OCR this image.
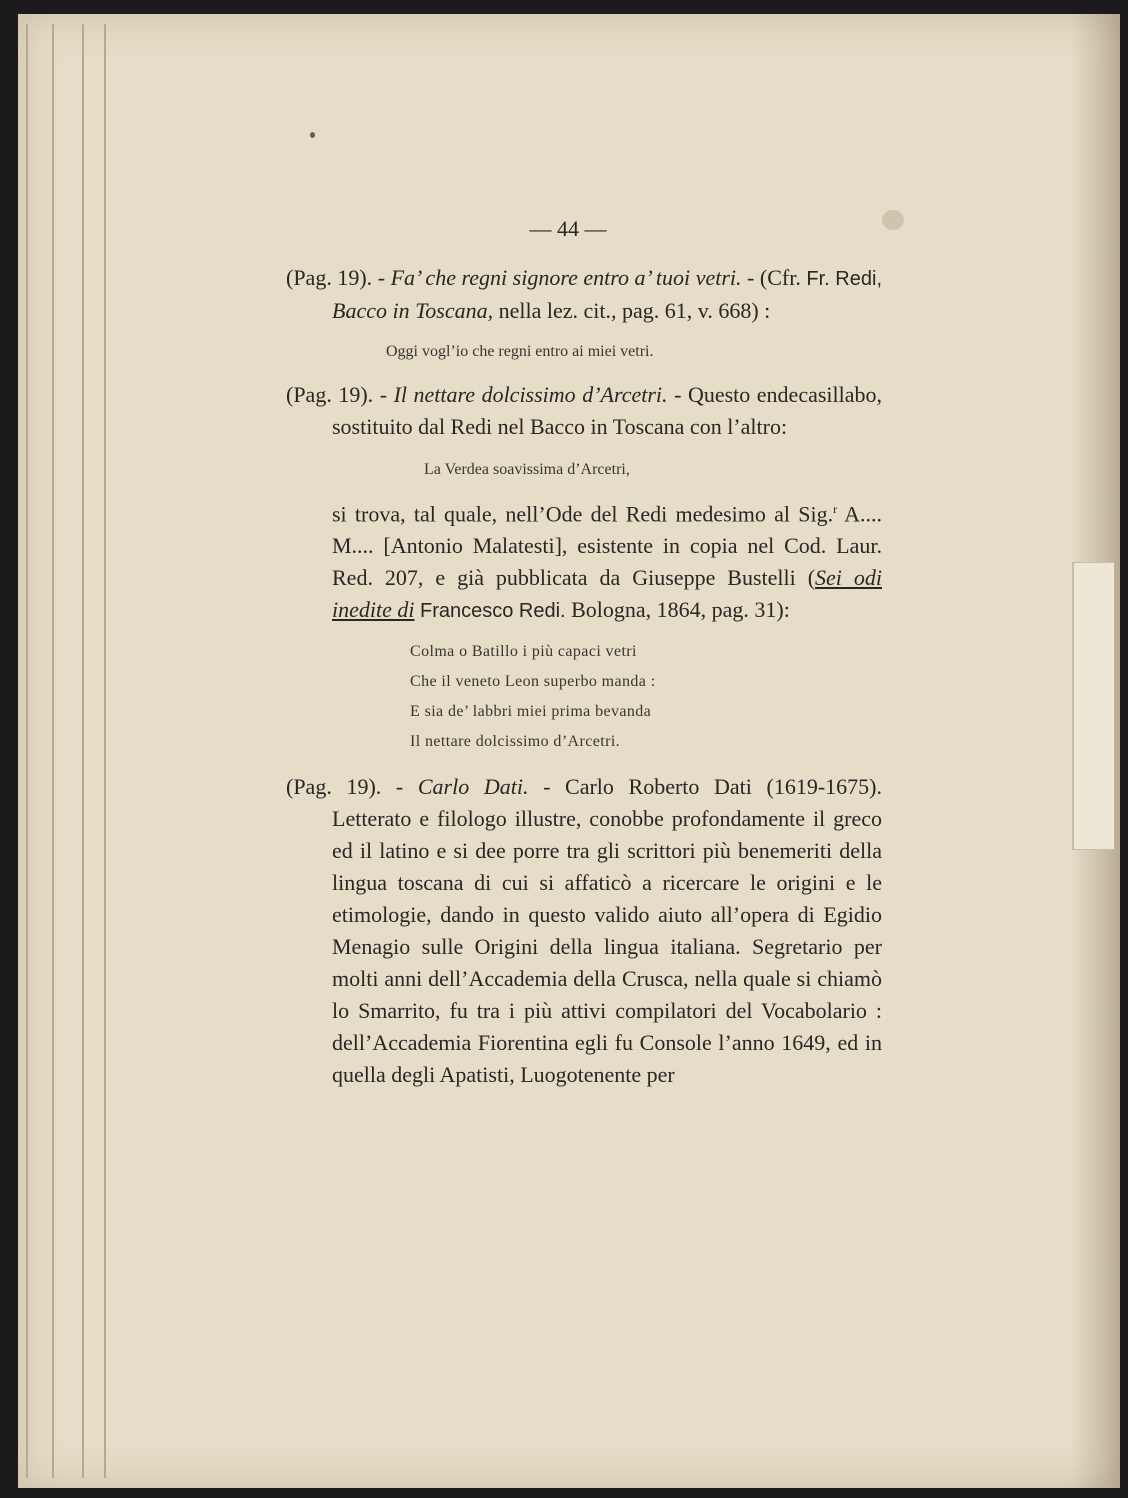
— 44 —

(Pag. 19). - Fa’ che regni signore entro a’ tuoi vetri. - (Cfr. Fr. Redi, Bacco in Toscana, nella lez. cit., pag. 61, v. 668) :

Oggi vogl’io che regni entro ai miei vetri.

(Pag. 19). - Il nettare dolcissimo d’Arcetri. - Questo endecasillabo, sostituito dal Redi nel Bacco in Toscana con l’altro:

La Verdea soavissima d’Arcetri,

si trova, tal quale, nell’Ode del Redi medesimo al Sig.$^r$ A.... M.... [Antonio Malatesti], esistente in copia nel Cod. Laur. Red. 207, e già pubblicata da Giuseppe Bustelli (Sei odi inedite di Francesco Redi. Bologna, 1864, pag. 31):

Colma o Batillo i più capaci vetri
Che il veneto Leon superbo manda :
E sia de’ labbri miei prima bevanda
Il nettare dolcissimo d’Arcetri.

(Pag. 19). - Carlo Dati. - Carlo Roberto Dati (1619-1675). Letterato e filologo illustre, conobbe profondamente il greco ed il latino e si dee porre tra gli scrittori più benemeriti della lingua toscana di cui si affaticò a ricercare le origini e le etimologie, dando in questo valido aiuto all’opera di Egidio Menagio sulle Origini della lingua italiana. Segretario per molti anni dell’Accademia della Crusca, nella quale si chiamò lo Smarrito, fu tra i più attivi compilatori del Vocabolario : dell’Accademia Fiorentina egli fu Console l’anno 1649, ed in quella degli Apatisti, Luogotenente per
